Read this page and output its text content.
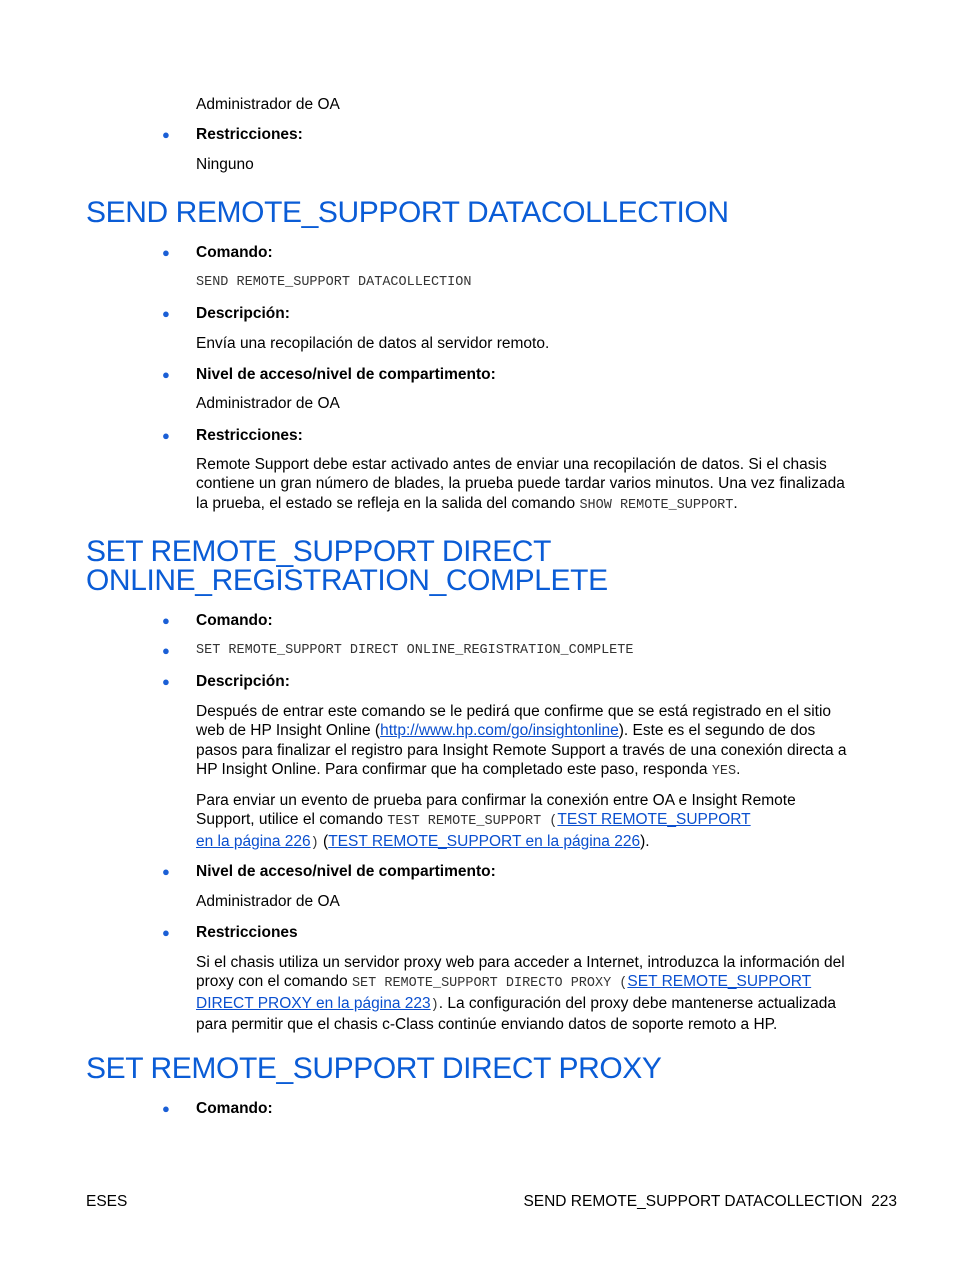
Administrador de OA
● Restricciones:
Ninguno
SEND REMOTE_SUPPORT DATACOLLECTION
● Comando:
SEND REMOTE_SUPPORT DATACOLLECTION
● Descripción:
Envía una recopilación de datos al servidor remoto.
● Nivel de acceso/nivel de compartimento:
Administrador de OA
● Restricciones:
Remote Support debe estar activado antes de enviar una recopilación de datos. Si el chasis
contiene un gran número de blades, la prueba puede tardar varios minutos. Una vez finalizada
la prueba, el estado se refleja en la salida del comando SHOW REMOTE_SUPPORT.
SET REMOTE_SUPPORT DIRECT
ONLINE_REGISTRATION_COMPLETE
● Comando:
● SET REMOTE_SUPPORT DIRECT ONLINE_REGISTRATION_COMPLETE
● Descripción:
Después de entrar este comando se le pedirá que confirme que se está registrado en el sitio
web de HP Insight Online (http://www.hp.com/go/insightonline). Este es el segundo de dos
pasos para finalizar el registro para Insight Remote Support a través de una conexión directa a
HP Insight Online. Para confirmar que ha completado este paso, responda YES.
Para enviar un evento de prueba para confirmar la conexión entre OA e Insight Remote
Support, utilice el comando TEST REMOTE_SUPPORT (TEST REMOTE_SUPPORT
en la página 226) (TEST REMOTE_SUPPORT en la página 226).
● Nivel de acceso/nivel de compartimento:
Administrador de OA
● Restricciones
Si el chasis utiliza un servidor proxy web para acceder a Internet, introduzca la información del
proxy con el comando SET REMOTE_SUPPORT DIRECTO PROXY (SET REMOTE_SUPPORT
DIRECT PROXY en la página 223). La configuración del proxy debe mantenerse actualizada
para permitir que el chasis c-Class continúe enviando datos de soporte remoto a HP.
SET REMOTE_SUPPORT DIRECT PROXY
● Comando:
ESES	SEND REMOTE_SUPPORT DATACOLLECTION 223
